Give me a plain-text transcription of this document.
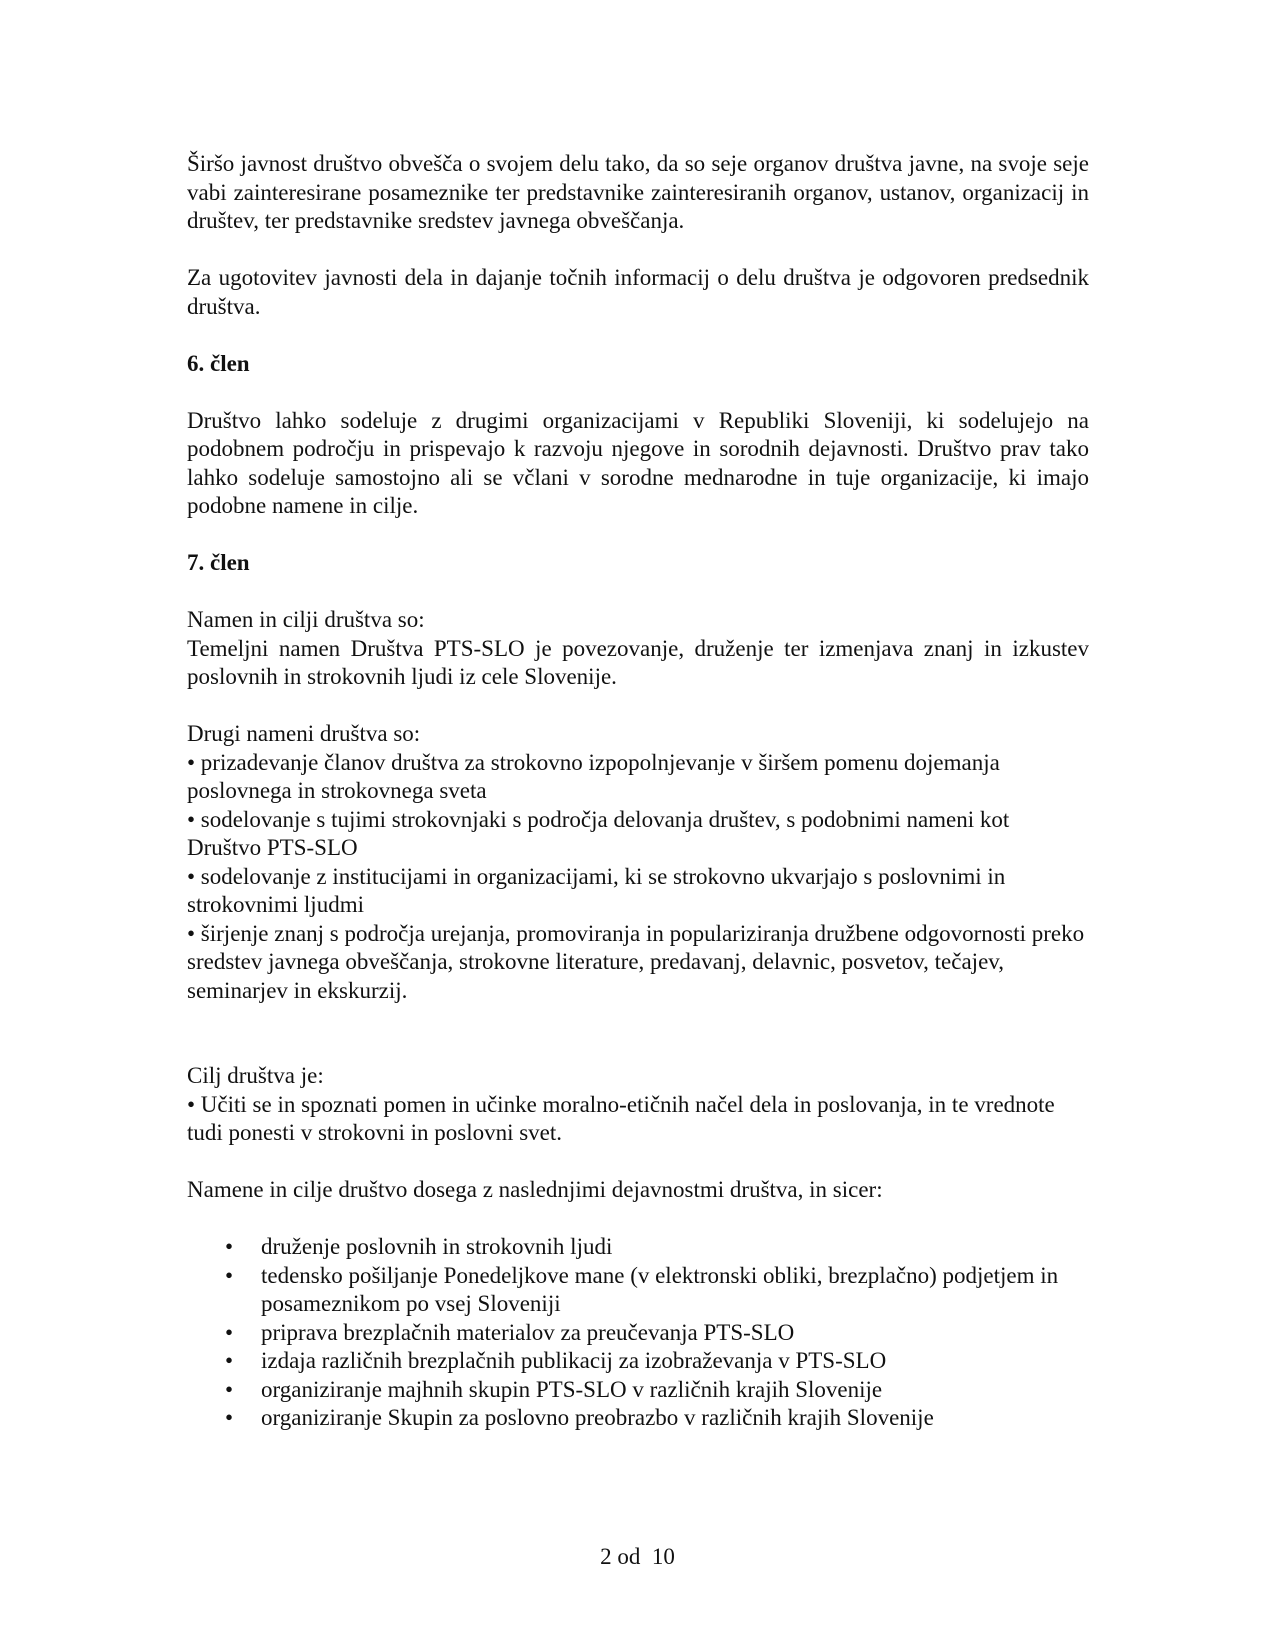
Širšo javnost društvo obvešča o svojem delu tako, da so seje organov društva javne, na svoje seje vabi zainteresirane posameznike ter predstavnike zainteresiranih organov, ustanov, organizacij in društev, ter predstavnike sredstev javnega obveščanja.

Za ugotovitev javnosti dela in dajanje točnih informacij o delu društva je odgovoren predsednik društva.

6. člen

Društvo lahko sodeluje z drugimi organizacijami v Republiki Sloveniji, ki sodelujejo na podobnem področju in prispevajo k razvoju njegove in sorodnih dejavnosti. Društvo prav tako lahko sodeluje samostojno ali se včlani v sorodne mednarodne in tuje organizacije, ki imajo podobne namene in cilje.

7. člen

Namen in cilji društva so:

Temeljni namen Društva PTS-SLO je povezovanje, druženje ter izmenjava znanj in izkustev poslovnih in strokovnih ljudi iz cele Slovenije.

Drugi nameni društva so:

• prizadevanje članov društva za strokovno izpopolnjevanje v širšem pomenu dojemanja poslovnega in strokovnega sveta

• sodelovanje s tujimi strokovnjaki s področja delovanja društev, s podobnimi nameni kot Društvo PTS-SLO

• sodelovanje z institucijami in organizacijami, ki se strokovno ukvarjajo s poslovnimi in strokovnimi ljudmi

• širjenje znanj s področja urejanja, promoviranja in populariziranja družbene odgovornosti preko sredstev javnega obveščanja, strokovne literature, predavanj, delavnic, posvetov, tečajev, seminarjev in ekskurzij.

Cilj društva je:

• Učiti se in spoznati pomen in učinke moralno-etičnih načel dela in poslovanja, in te vrednote tudi ponesti v strokovni in poslovni svet.

Namene in cilje društvo dosega z naslednjimi dejavnostmi društva, in sicer:

• druženje poslovnih in strokovnih ljudi
• tedensko pošiljanje Ponedeljkove mane (v elektronski obliki, brezplačno) podjetjem in posameznikom po vsej Sloveniji
• priprava brezplačnih materialov za preučevanja PTS-SLO
• izdaja različnih brezplačnih publikacij za izobraževanja v PTS-SLO
• organiziranje majhnih skupin PTS-SLO v različnih krajih Slovenije
• organiziranje Skupin za poslovno preobrazbo v različnih krajih Slovenije
2 od  10
